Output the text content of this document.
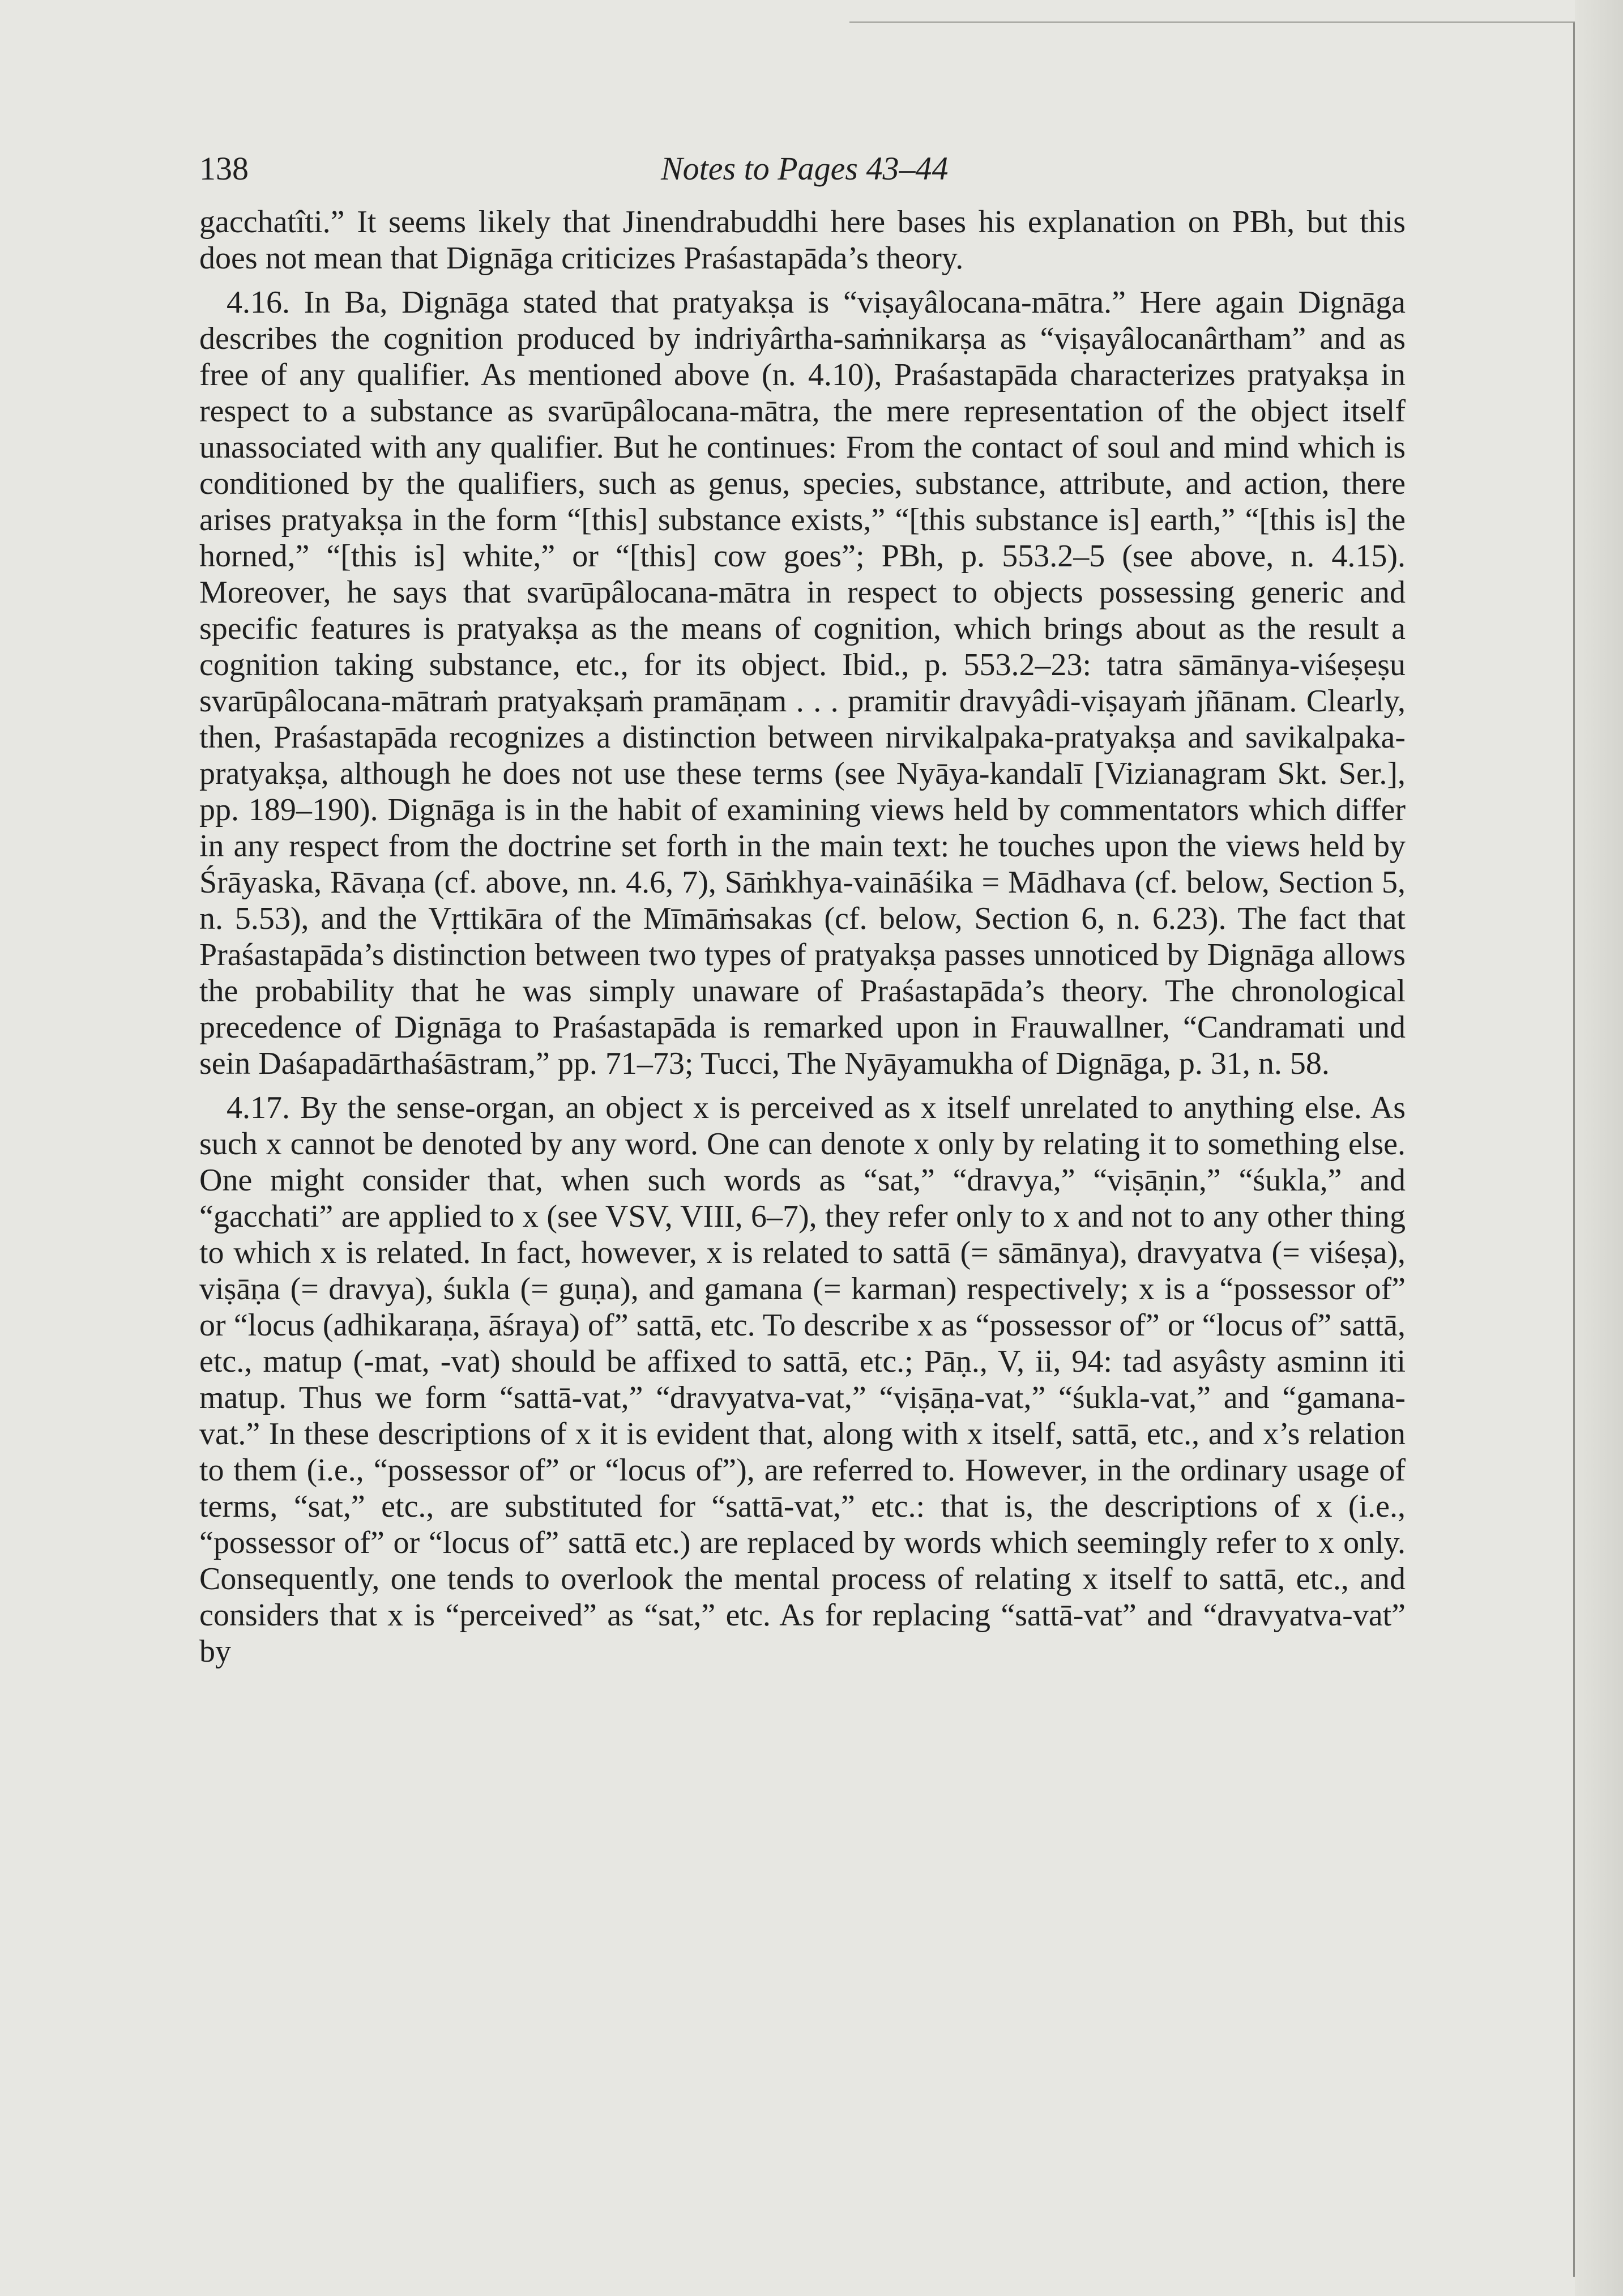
138	Notes to Pages 43–44

gacchatîti.” It seems likely that Jinendrabuddhi here bases his explanation on PBh, but this does not mean that Dignāga criticizes Praśastapāda’s theory.

4.16. In Ba, Dignāga stated that pratyakṣa is “viṣayâlocana-mātra.” Here again Dignāga describes the cognition produced by indriyârtha-saṁnikarṣa as “viṣayâlocanârtham” and as free of any qualifier. As mentioned above (n. 4.10), Praśastapāda characterizes pratyakṣa in respect to a substance as svarūpâlocana-mātra, the mere representation of the object itself unassociated with any qualifier. But he continues: From the contact of soul and mind which is conditioned by the qualifiers, such as genus, species, substance, attribute, and action, there arises pratyakṣa in the form “[this] substance exists,” “[this substance is] earth,” “[this is] the horned,” “[this is] white,” or “[this] cow goes”; PBh, p. 553.2–5 (see above, n. 4.15). Moreover, he says that svarūpâlocana-mātra in respect to objects possessing generic and specific features is pratyakṣa as the means of cognition, which brings about as the result a cognition taking substance, etc., for its object. Ibid., p. 553.2–23: tatra sāmānya-viśeṣeṣu svarūpâlocana-mātraṁ pratyakṣaṁ pramāṇam . . . pramitir dravyâdi-viṣayaṁ jñānam. Clearly, then, Praśastapāda recognizes a distinction between nirvikalpaka-pratyakṣa and savikalpaka-pratyakṣa, although he does not use these terms (see Nyāya-kandalī [Vizianagram Skt. Ser.], pp. 189–190). Dignāga is in the habit of examining views held by commentators which differ in any respect from the doctrine set forth in the main text: he touches upon the views held by Śrāyaska, Rāvaṇa (cf. above, nn. 4.6, 7), Sāṁkhya-vaināśika = Mādhava (cf. below, Section 5, n. 5.53), and the Vṛttikāra of the Mīmāṁsakas (cf. below, Section 6, n. 6.23). The fact that Praśastapāda’s distinction between two types of pratyakṣa passes unnoticed by Dignāga allows the probability that he was simply unaware of Praśastapāda’s theory. The chronological precedence of Dignāga to Praśastapāda is remarked upon in Frauwallner, “Candramati und sein Daśapadārthaśāstram,” pp. 71–73; Tucci, The Nyāyamukha of Dignāga, p. 31, n. 58.

4.17. By the sense-organ, an object x is perceived as x itself unrelated to anything else. As such x cannot be denoted by any word. One can denote x only by relating it to something else. One might consider that, when such words as “sat,” “dravya,” “viṣāṇin,” “śukla,” and “gacchati” are applied to x (see VSV, VIII, 6–7), they refer only to x and not to any other thing to which x is related. In fact, however, x is related to sattā (= sāmānya), dravyatva (= viśeṣa), viṣāṇa (= dravya), śukla (= guṇa), and gamana (= karman) respectively; x is a “possessor of” or “locus (adhikaraṇa, āśraya) of” sattā, etc. To describe x as “possessor of” or “locus of” sattā, etc., matup (-mat, -vat) should be affixed to sattā, etc.; Pāṇ., V, ii, 94: tad asyâsty asminn iti matup. Thus we form “sattā-vat,” “dravyatva-vat,” “viṣāṇa-vat,” “śukla-vat,” and “gamana-vat.” In these descriptions of x it is evident that, along with x itself, sattā, etc., and x’s relation to them (i.e., “possessor of” or “locus of”), are referred to. However, in the ordinary usage of terms, “sat,” etc., are substituted for “sattā-vat,” etc.: that is, the descriptions of x (i.e., “possessor of” or “locus of” sattā etc.) are replaced by words which seemingly refer to x only. Consequently, one tends to overlook the mental process of relating x itself to sattā, etc., and considers that x is “perceived” as “sat,” etc. As for replacing “sattā-vat” and “dravyatva-vat” by
